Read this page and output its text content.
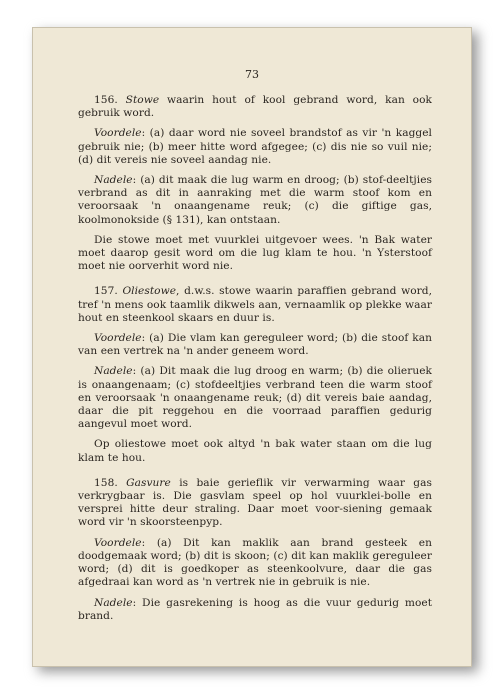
73

156. Stowe waarin hout of kool gebrand word, kan ook gebruik word.

Voordele: (a) daar word nie soveel brandstof as vir 'n kaggel gebruik nie; (b) meer hitte word afgegee; (c) dis nie so vuil nie; (d) dit vereis nie soveel aandag nie.

Nadele: (a) dit maak die lug warm en droog; (b) stof-deeltjies verbrand as dit in aanraking met die warm stoof kom en veroorsaak 'n onaangename reuk; (c) die giftige gas, koolmonokside (§ 131), kan ontstaan.

Die stowe moet met vuurklei uitgevoer wees. 'n Bak water moet daarop gesit word om die lug klam te hou. 'n Ysterstoof moet nie oorverhit word nie.

157. Oliestowe, d.w.s. stowe waarin paraffien gebrand word, tref 'n mens ook taamlik dikwels aan, vernaamlik op plekke waar hout en steenkool skaars en duur is.

Voordele: (a) Die vlam kan gereguleer word; (b) die stoof kan van een vertrek na 'n ander geneem word.

Nadele: (a) Dit maak die lug droog en warm; (b) die olieruek is onaangenaam; (c) stofdeeltjies verbrand teen die warm stoof en veroorsaak 'n onaangename reuk; (d) dit vereis baie aandag, daar die pit reggehou en die voorraad paraffien gedurig aangevul moet word.

Op oliestowe moet ook altyd 'n bak water staan om die lug klam te hou.

158. Gasvure is baie gerieflik vir verwarming waar gas verkrygbaar is. Die gasvlam speel op hol vuurklei-bolle en versprei hitte deur straling. Daar moet voor-siening gemaak word vir 'n skoorsteenpyp.

Voordele: (a) Dit kan maklik aan brand gesteek en doodgemaak word; (b) dit is skoon; (c) dit kan maklik gereguleer word; (d) dit is goedkoper as steenkoolvure, daar die gas afgedraai kan word as 'n vertrek nie in gebruik is nie.

Nadele: Die gasrekening is hoog as die vuur gedurig moet brand.
